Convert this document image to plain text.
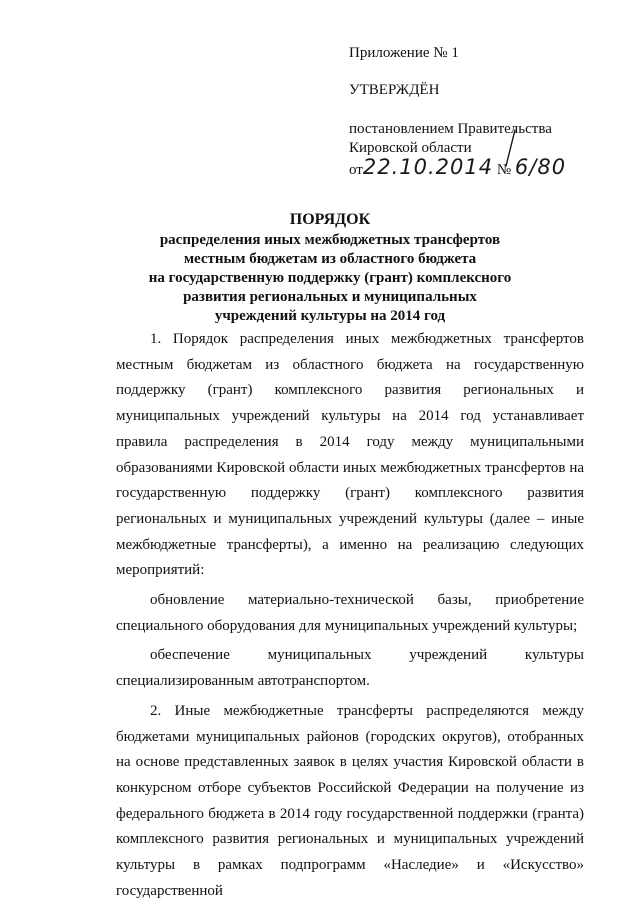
Приложение № 1
УТВЕРЖДЁН
постановлением Правительства
Кировской области
от22.10.2014 № 6/80
ПОРЯДОК
распределения иных межбюджетных трансфертов
местным бюджетам из областного бюджета
на государственную поддержку (грант) комплексного
развития региональных и муниципальных
учреждений культуры на 2014 год

1. Порядок распределения иных межбюджетных трансфертов местным бюджетам из областного бюджета на государственную поддержку (грант) комплексного развития региональных и муниципальных учреждений культуры на 2014 год устанавливает правила распределения в 2014 году между муниципальными образованиями Кировской области иных межбюджетных трансфертов на государственную поддержку (грант) комплексного развития региональных и муниципальных учреждений культуры (далее – иные межбюджетные трансферты), а именно на реализацию следующих мероприятий:

обновление материально-технической базы, приобретение специального оборудования для муниципальных учреждений культуры;

обеспечение муниципальных учреждений культуры специализированным автотранспортом.

2. Иные межбюджетные трансферты распределяются между бюджетами муниципальных районов (городских округов), отобранных на основе представленных заявок в целях участия Кировской области в конкурсном отборе субъектов Российской Федерации на получение из федерального бюджета в 2014 году государственной поддержки (гранта) комплексного развития региональных и муниципальных учреждений культуры в рамках подпрограмм «Наследие» и «Искусство» государственной
